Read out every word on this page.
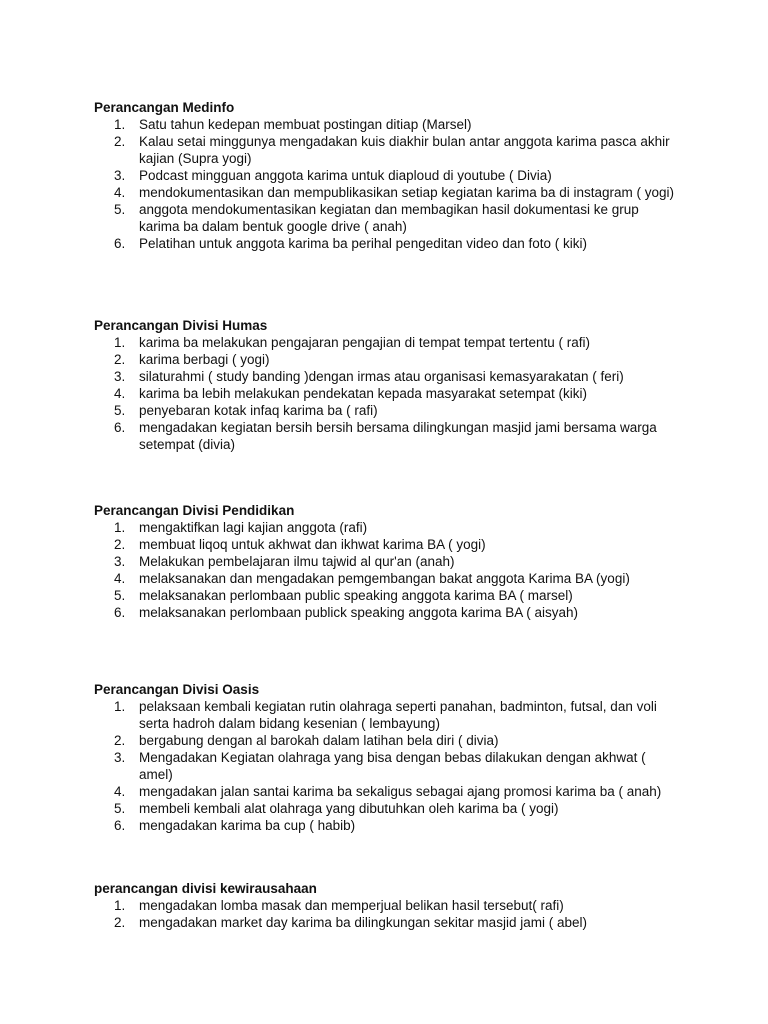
Perancangan Medinfo
1. Satu tahun kedepan membuat postingan ditiap (Marsel)
2. Kalau setai minggunya mengadakan kuis diakhir bulan antar anggota karima pasca akhir kajian (Supra yogi)
3. Podcast mingguan anggota karima untuk diaploud di youtube ( Divia)
4. mendokumentasikan dan mempublikasikan setiap kegiatan karima ba di instagram ( yogi)
5. anggota mendokumentasikan kegiatan dan membagikan hasil dokumentasi ke grup karima ba dalam bentuk google drive ( anah)
6. Pelatihan untuk anggota karima ba perihal pengeditan video dan foto ( kiki)
Perancangan Divisi Humas
1. karima ba melakukan pengajaran pengajian di tempat tempat tertentu ( rafi)
2. karima berbagi ( yogi)
3. silaturahmi ( study banding )dengan irmas atau organisasi kemasyarakatan ( feri)
4. karima ba lebih melakukan pendekatan kepada masyarakat setempat (kiki)
5. penyebaran kotak infaq karima ba ( rafi)
6. mengadakan kegiatan bersih bersih bersama dilingkungan masjid jami bersama warga setempat (divia)
Perancangan Divisi Pendidikan
1. mengaktifkan lagi kajian anggota (rafi)
2. membuat liqoq untuk akhwat dan ikhwat karima BA ( yogi)
3. Melakukan pembelajaran ilmu tajwid al qur'an (anah)
4. melaksanakan dan mengadakan pemgembangan bakat anggota Karima BA (yogi)
5. melaksanakan perlombaan public speaking anggota karima BA ( marsel)
6. melaksanakan perlombaan publick speaking anggota karima BA ( aisyah)
Perancangan Divisi Oasis
1. pelaksaan kembali kegiatan rutin olahraga seperti panahan, badminton, futsal, dan voli serta hadroh dalam bidang kesenian ( lembayung)
2. bergabung dengan al barokah dalam latihan bela diri ( divia)
3. Mengadakan Kegiatan olahraga yang bisa dengan bebas dilakukan dengan akhwat ( amel)
4. mengadakan jalan santai karima ba sekaligus sebagai ajang promosi karima ba ( anah)
5. membeli kembali alat olahraga yang dibutuhkan oleh karima ba ( yogi)
6. mengadakan karima ba cup ( habib)
perancangan divisi kewirausahaan
1. mengadakan lomba masak dan memperjual belikan hasil tersebut( rafi)
2. mengadakan market day karima ba dilingkungan sekitar masjid jami ( abel)
